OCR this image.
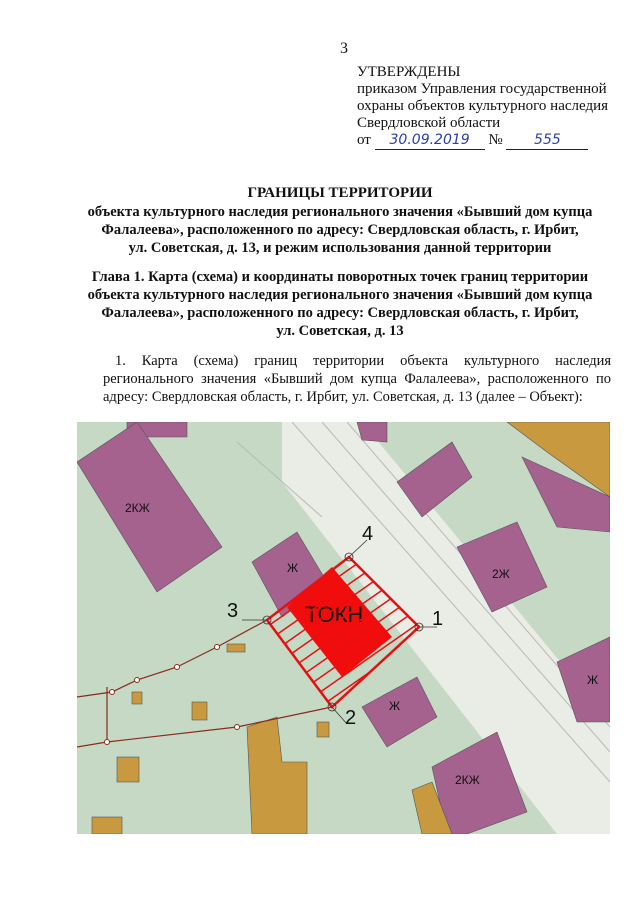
3
УТВЕРЖДЕНЫ
приказом Управления государственной
охраны объектов культурного наследия
Свердловской области
от 30.09.2019 № 555
ГРАНИЦЫ ТЕРРИТОРИИ
объекта культурного наследия регионального значения «Бывший дом купца
Фалалеева», расположенного по адресу: Свердловская область, г. Ирбит,
ул. Советская, д. 13, и режим использования данной территории
Глава 1. Карта (схема) и координаты поворотных точек границ территории
объекта культурного наследия регионального значения «Бывший дом купца
Фалалеева», расположенного по адресу: Свердловская область, г. Ирбит,
ул. Советская, д. 13
1. Карта (схема) границ территории объекта культурного наследия регионального значения «Бывший дом купца Фалалеева», расположенного по адресу: Свердловская область, г. Ирбит, ул. Советская, д. 13 (далее – Объект):
2КЖ
2Ж
Ж
4
1
3
2
Ж
Ж
2КЖ
